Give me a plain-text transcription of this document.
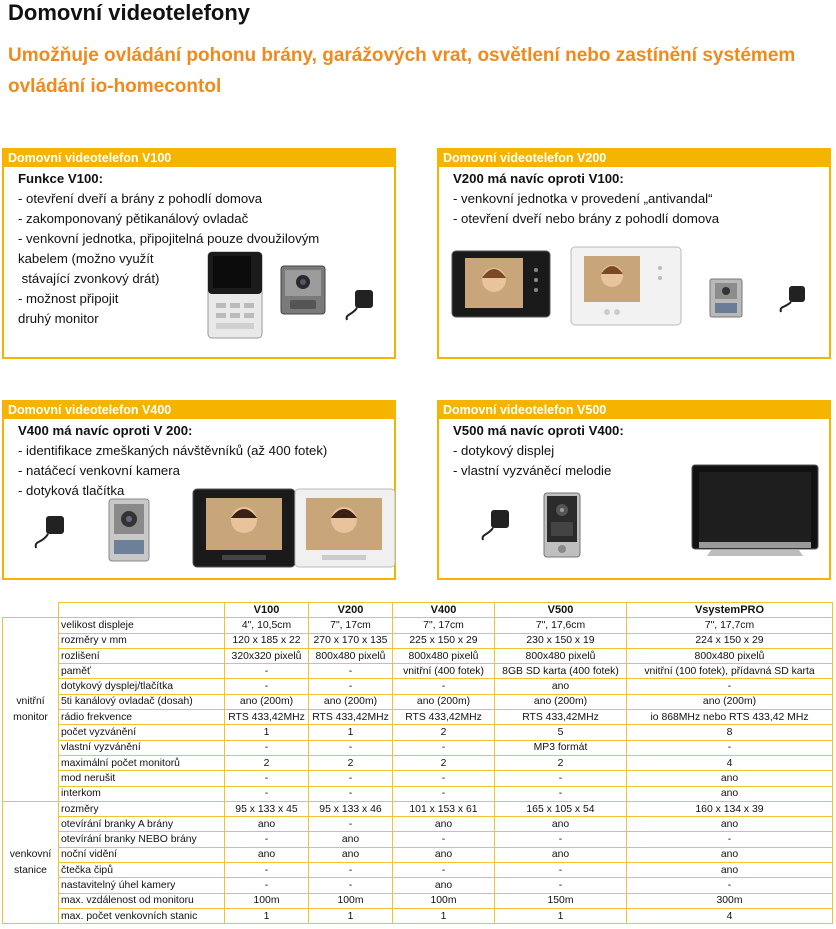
Domovní videotelefony
Umožňuje ovládání pohonu brány, garážových vrat, osvětlení nebo zastínění systémem ovládání io-homecontol
Domovní videotelefon V100
Funkce V100:
- otevření dveří a brány z pohodlí domova
- zakomponovaný pětikanálový ovladač
- venkovní jednotka, připojitelná pouze dvoužilovým
kabelem (možno využít
stávající zvonkový drát)
- možnost připojit
druhý monitor
Domovní videotelefon V200
V200 má navíc oproti V100:
- venkovní jednotka v provedení „antivandal“
- otevření dveří nebo brány z pohodlí domova
Domovní videotelefon V400
V400 má navíc oproti V 200:
- identifikace zmeškaných návštěvníků (až 400 fotek)
- natáčecí venkovní kamera
- dotyková tlačítka
Domovní videotelefon V500
V500 má navíc oproti V400:
- dotykový displej
- vlastní vyzváněcí melodie
		V100	V200	V400	V500	VsystemPRO
vnitřní monitor	velikost displeje	4", 10,5cm	7", 17cm	7", 17cm	7", 17,6cm	7", 17,7cm
	rozměry v mm	120 x 185 x 22	270 x 170 x 135	225 x 150 x 29	230 x 150 x 19	224 x 150 x 29
	rozlišení	320x320 pixelů	800x480 pixelů	800x480 pixelů	800x480 pixelů	800x480 pixelů
	paměť	-	-	vnitřní (400 fotek)	8GB SD karta (400 fotek)	vnitřní (100 fotek), přídavná SD karta
	dotykový dysplej/tlačítka	-	-	-	ano	-
	5ti kanálový ovladač (dosah)	ano (200m)	ano (200m)	ano (200m)	ano (200m)	ano (200m)
	rádio frekvence	RTS 433,42MHz	RTS 433,42MHz	RTS 433,42MHz	RTS 433,42MHz	io 868MHz nebo RTS 433,42 MHz
	počet vyzvánění	1	1	2	5	8
	vlastní vyzvánění	-	-	-	MP3 formát	-
	maximální počet monitorů	2	2	2	2	4
	mod nerušit	-	-	-	-	ano
	interkom	-	-	-	-	ano
venkovní stanice	rozměry	95 x 133 x 45	95 x 133 x 46	101 x 153 x 61	165 x 105 x 54	160 x 134 x 39
	otevírání branky A brány	ano	-	ano	ano	ano
	otevírání branky NEBO brány	-	ano	-	-	-
	noční vidění	ano	ano	ano	ano	ano
	čtečka čipů	-	-	-	-	ano
	nastavitelný úhel kamery	-	-	ano	-	-
	max. vzdálenost od monitoru	100m	100m	100m	150m	300m
	max. počet venkovních stanic	1	1	1	1	4
